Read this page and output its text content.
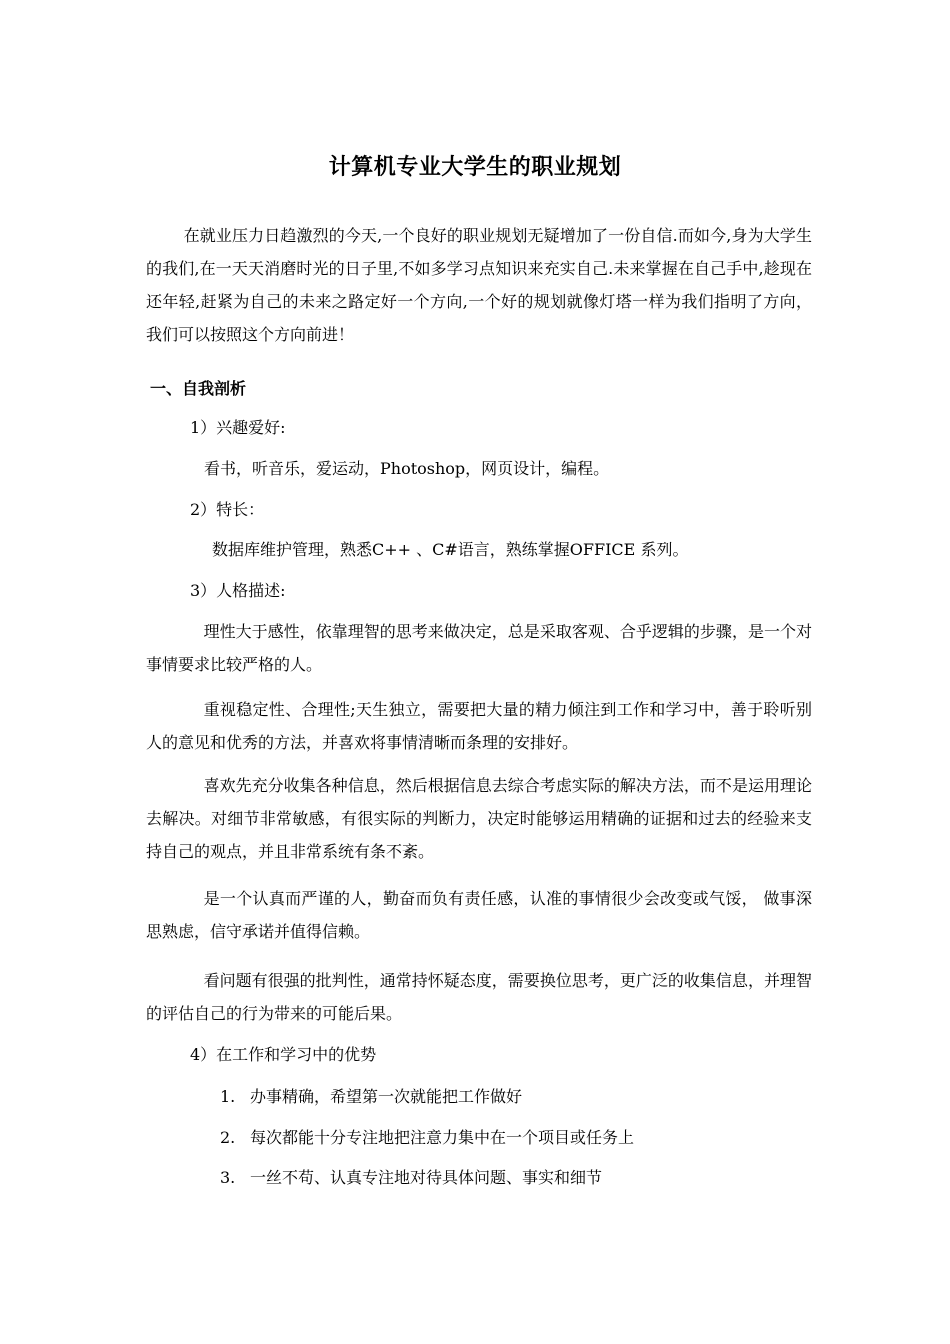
计算机专业大学生的职业规划
在就业压力日趋激烈的今天,一个良好的职业规划无疑增加了一份自信.而如今,身为大学生的我们,在一天天消磨时光的日子里,不如多学习点知识来充实自己.未来掌握在自己手中,趁现在还年轻,赶紧为自己的未来之路定好一个方向,一个好的规划就像灯塔一样为我们指明了方向，我们可以按照这个方向前进！
一、自我剖析
1）兴趣爱好:
看书，听音乐，爱运动，Photoshop，网页设计，编程。
2）特长：
数据库维护管理，熟悉C++ 、C#语言，熟练掌握OFFICE 系列。
3）人格描述:
理性大于感性，依靠理智的思考来做决定，总是采取客观、合乎逻辑的步骤，是一个对事情要求比较严格的人。
重视稳定性、合理性;天生独立，需要把大量的精力倾注到工作和学习中，善于聆听别人的意见和优秀的方法，并喜欢将事情清晰而条理的安排好。
喜欢先充分收集各种信息，然后根据信息去综合考虑实际的解决方法，而不是运用理论去解决。对细节非常敏感，有很实际的判断力，决定时能够运用精确的证据和过去的经验来支持自己的观点，并且非常系统有条不紊。
是一个认真而严谨的人，勤奋而负有责任感，认准的事情很少会改变或气馁， 做事深思熟虑，信守承诺并值得信赖。
看问题有很强的批判性，通常持怀疑态度，需要换位思考，更广泛的收集信息，并理智的评估自己的行为带来的可能后果。
4）在工作和学习中的优势
1. 办事精确，希望第一次就能把工作做好
2. 每次都能十分专注地把注意力集中在一个项目或任务上
3. 一丝不苟、认真专注地对待具体问题、事实和细节
